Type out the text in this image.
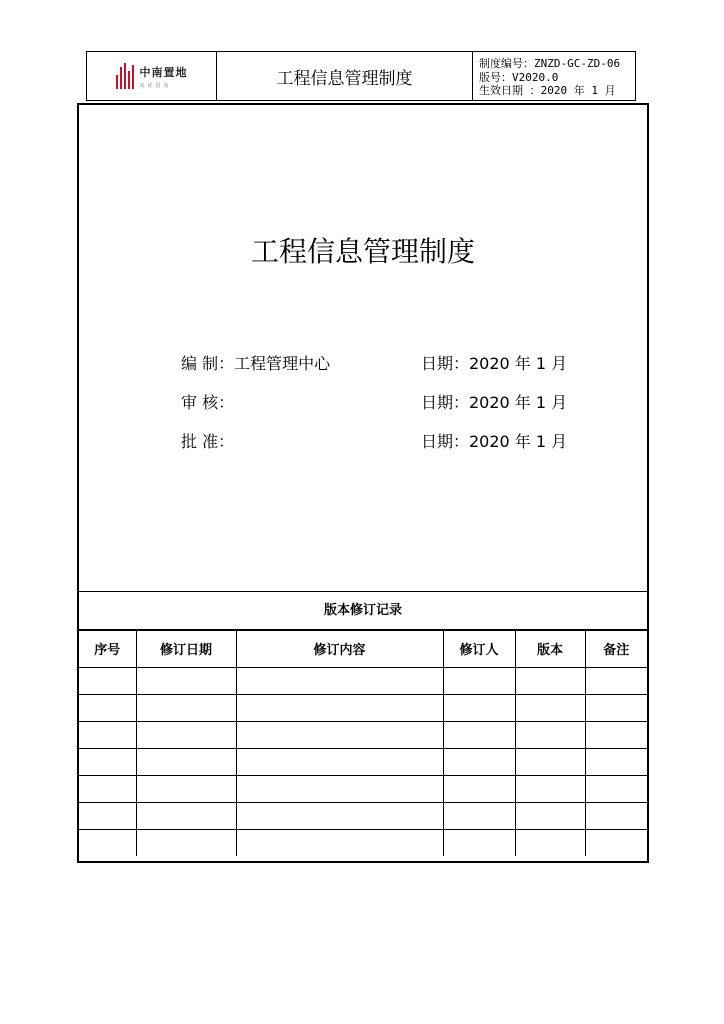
中南置地
美好居有	工程信息管理制度
制度编号：ZNZD-GC-ZD-06
版号：V2020.0
生效日期 ：2020 年 1 月
工程信息管理制度
编 制：工程管理中心	日期：2020 年 1 月
审 核：	日期：2020 年 1 月
批 准：	日期：2020 年 1 月
版本修订记录
序号	修订日期	修订内容	修订人	版本	备注
